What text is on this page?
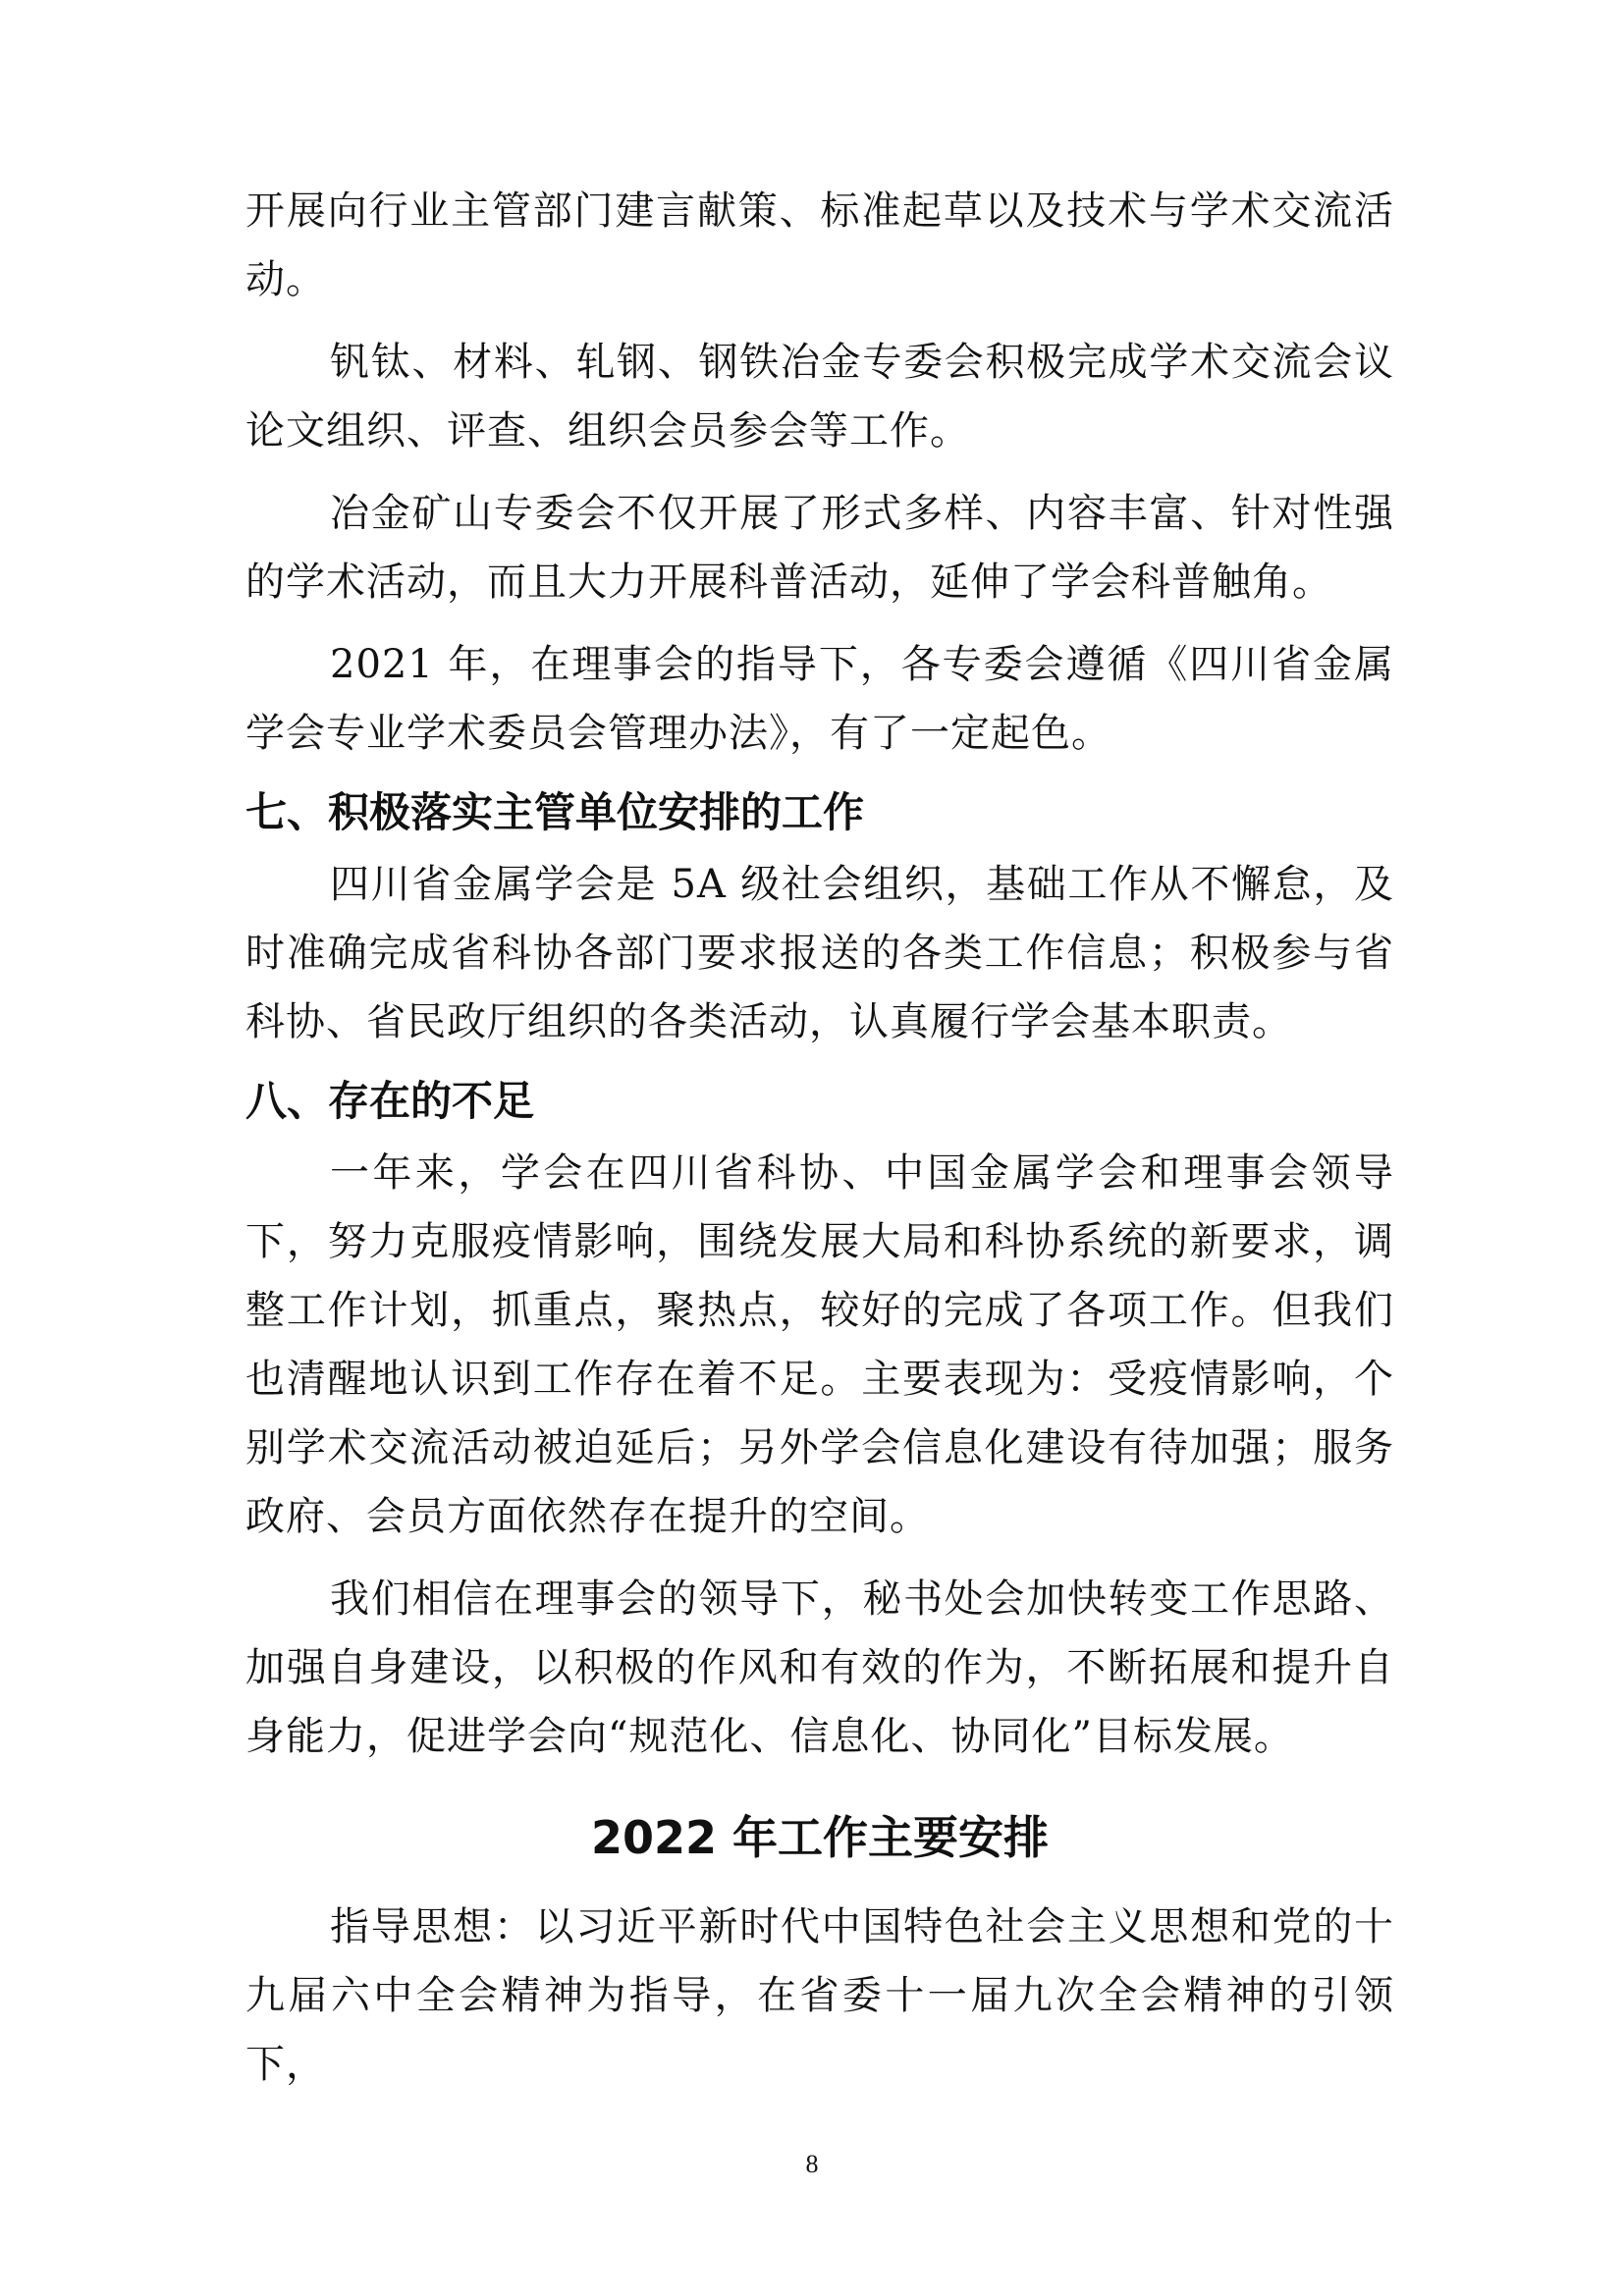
开展向行业主管部门建言献策、标准起草以及技术与学术交流活动。

钒钛、材料、轧钢、钢铁冶金专委会积极完成学术交流会议论文组织、评查、组织会员参会等工作。

冶金矿山专委会不仅开展了形式多样、内容丰富、针对性强的学术活动，而且大力开展科普活动，延伸了学会科普触角。

2021 年，在理事会的指导下，各专委会遵循《四川省金属学会专业学术委员会管理办法》，有了一定起色。

七、积极落实主管单位安排的工作

四川省金属学会是 5A 级社会组织，基础工作从不懈怠，及时准确完成省科协各部门要求报送的各类工作信息；积极参与省科协、省民政厅组织的各类活动，认真履行学会基本职责。

八、存在的不足

一年来，学会在四川省科协、中国金属学会和理事会领导下，努力克服疫情影响，围绕发展大局和科协系统的新要求，调整工作计划，抓重点，聚热点，较好的完成了各项工作。但我们也清醒地认识到工作存在着不足。主要表现为：受疫情影响，个别学术交流活动被迫延后；另外学会信息化建设有待加强；服务政府、会员方面依然存在提升的空间。

我们相信在理事会的领导下，秘书处会加快转变工作思路、加强自身建设，以积极的作风和有效的作为，不断拓展和提升自身能力，促进学会向“规范化、信息化、协同化”目标发展。

2022 年工作主要安排

指导思想：以习近平新时代中国特色社会主义思想和党的十九届六中全会精神为指导，在省委十一届九次全会精神的引领下，

8
